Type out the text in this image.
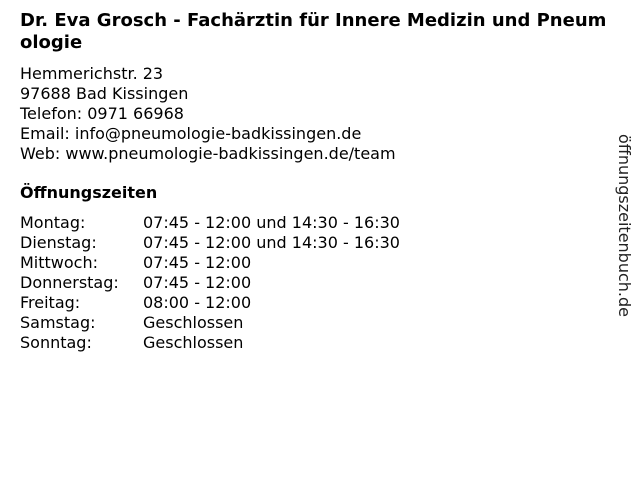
Dr. Eva Grosch - Fachärztin für Innere Medizin und Pneumologie
Hemmerichstr. 23
97688 Bad Kissingen
Telefon: 0971 66968
Email: info@pneumologie-badkissingen.de
Web: www.pneumologie-badkissingen.de/team
Öffnungszeiten
Montag:	07:45 - 12:00 und 14:30 - 16:30
Dienstag:	07:45 - 12:00 und 14:30 - 16:30
Mittwoch:	07:45 - 12:00
Donnerstag:	07:45 - 12:00
Freitag:	08:00 - 12:00
Samstag:	Geschlossen
Sonntag:	Geschlossen
öffnungszeitenbuch.de
